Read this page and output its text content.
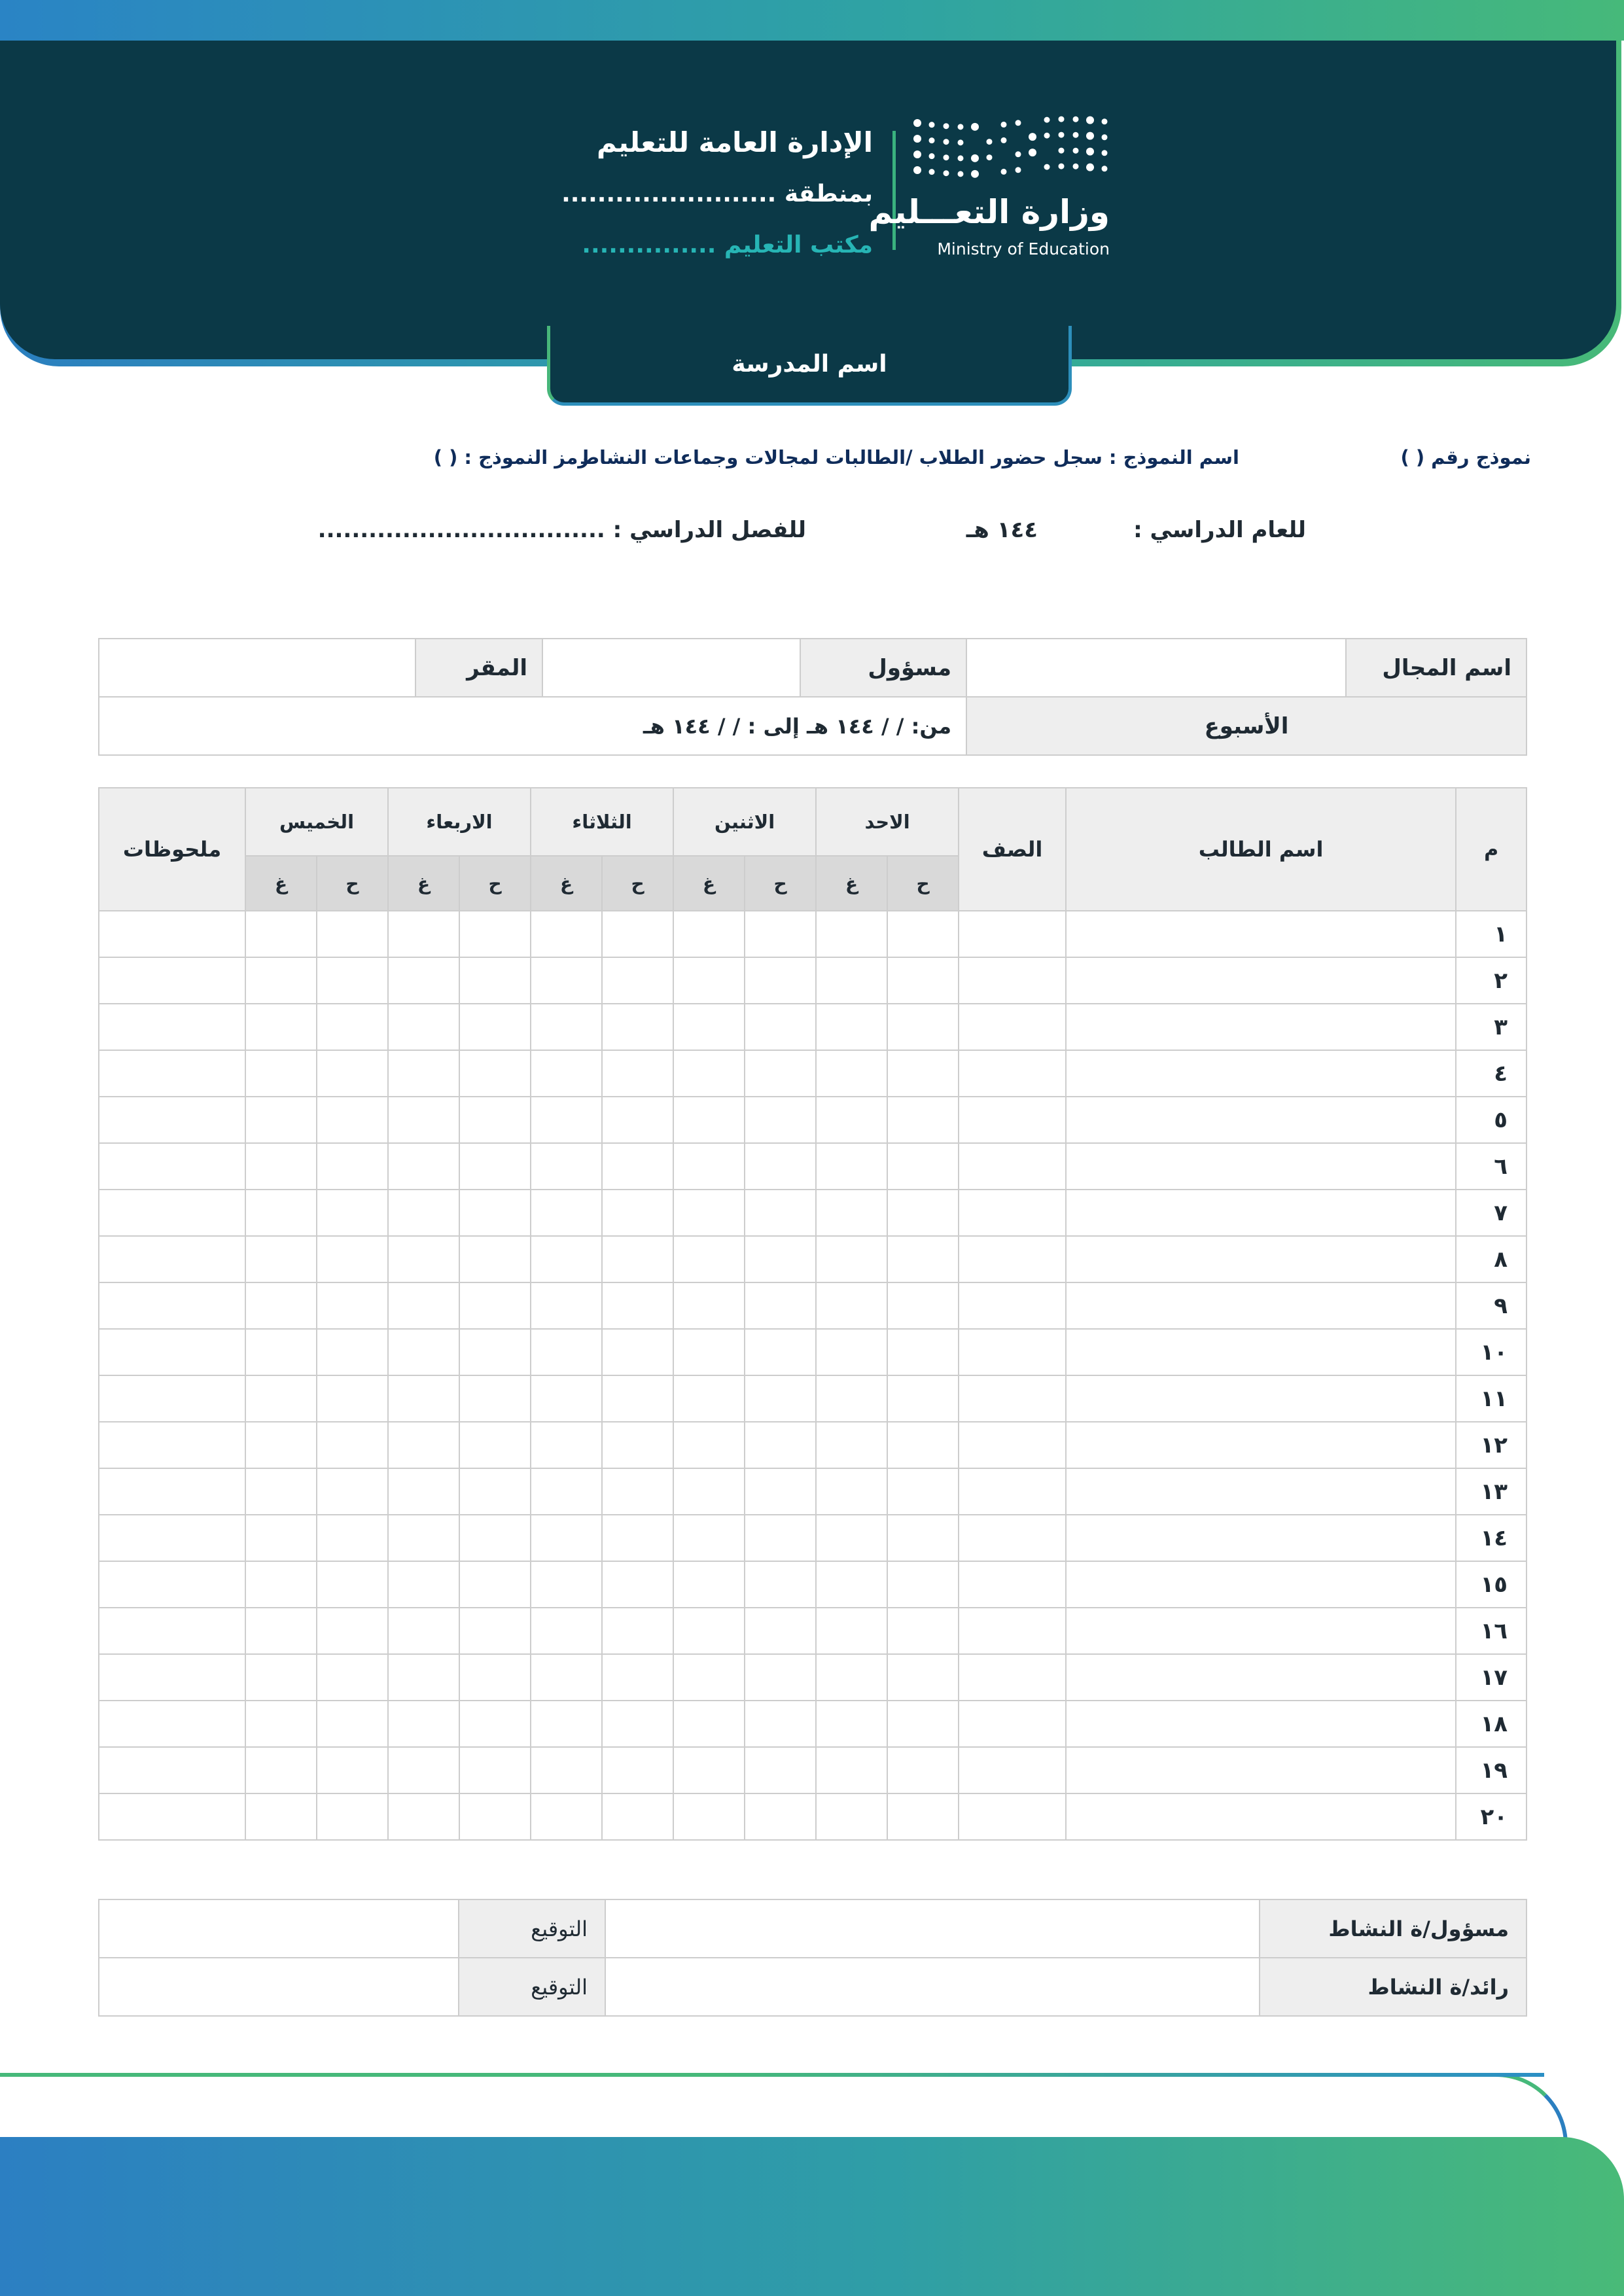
الإدارة العامة للتعليم
بمنطقة ........................
مكتب التعليم ...............
وزارة التعـــليم
Ministry of Education
اسم المدرسة
نموذج رقم ( )
اسم النموذج : سجل حضور الطلاب /الطالبات لمجالات وجماعات النشاط
رمز النموذج : ( )
للعام الدراسي :
١٤٤ هـ
للفصل الدراسي : ..................................
اسم المجال		مسؤول		المقر	
الأسبوع		من: / / ١٤٤ هـ إلى : / / ١٤٤ هـ			
م	اسم الطالب	الصف	الاحد		الاثنين		الثلاثاء		الاربعاء		الخميس		ملحوظات
			ح	غ	ح	غ	ح	غ	ح	غ	ح	غ	
١													
٢													
٣													
٤													
٥													
٦													
٧													
٨													
٩													
١٠													
١١													
١٢													
١٣													
١٤													
١٥													
١٦													
١٧													
١٨													
١٩													
٢٠													
مسؤول/ة النشاط		التوقيع	
رائد/ة النشاط		التوقيع	
